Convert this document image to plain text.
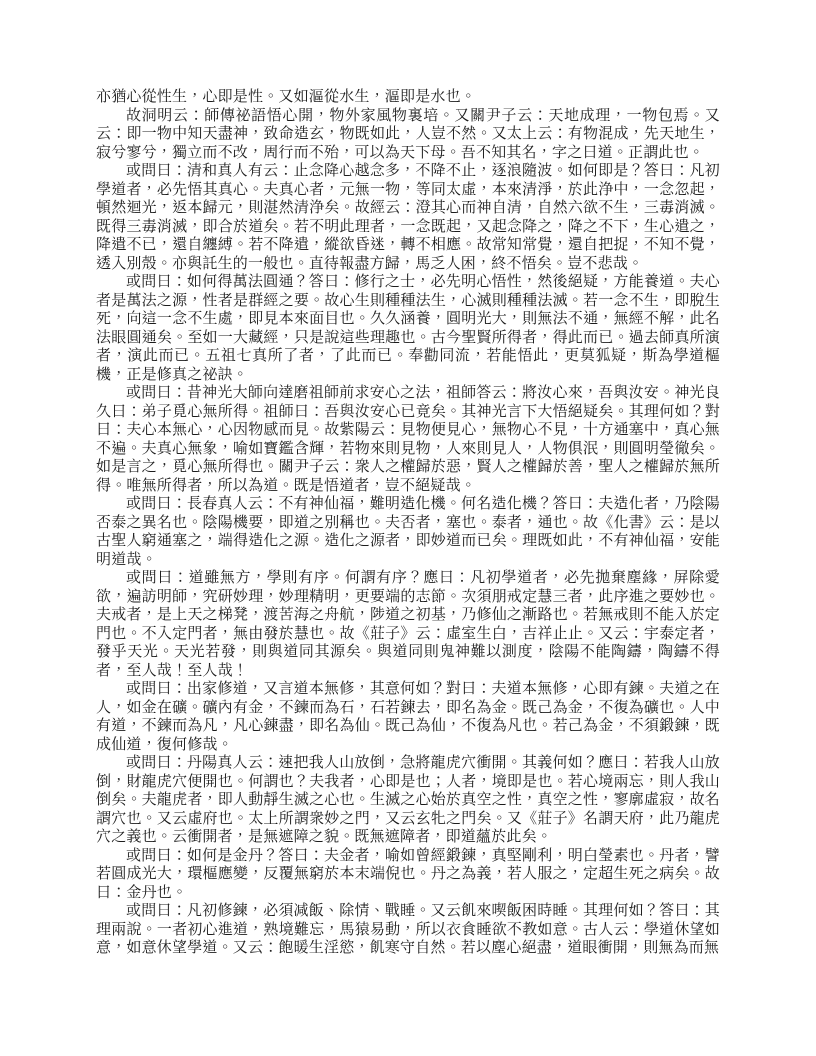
亦猶心從性生，心即是性。又如漚從水生，漚即是水也。

故洞明云：師傳祕語悟心開，物外家風物裏培。又關尹子云：天地成理，一物包焉。又云：即一物中知天盡神，致命造玄，物既如此，人豈不然。又太上云：有物混成，先天地生，寂兮寥兮，獨立而不改，周行而不殆，可以為天下母。吾不知其名，字之曰道。正謂此也。

或問曰：清和真人有云：止念降心越念多，不降不止，逐浪隨波。如何即是？答曰：凡初學道者，必先悟其真心。夫真心者，元無一物，等同太虛，本來清淨，於此浄中，一念忽起，頓然迴光，返本歸元，則湛然清浄矣。故經云：澄其心而神自清，自然六欲不生，三毒消滅。既得三毒消滅，即合於道矣。若不明此理者，一念既起，又起念降之，降之不下，生心遣之，降遣不已，還自纏縛。若不降遣，縱欲昏迷，轉不相應。故常知常覺，還自把捉，不知不覺，透入別殼。亦與託生的一般也。直待報盡方歸，馬乏人困，終不悟矣。豈不悲哉。

或問曰：如何得萬法圓通？答曰：修行之士，必先明心悟性，然後絕疑，方能養道。夫心者是萬法之源，性者是群經之要。故心生則種種法生，心滅則種種法滅。若一念不生，即脫生死，向這一念不生處，即見本來面目也。久久涵養，圓明光大，則無法不通，無經不解，此名法眼圓通矣。至如一大藏經，只是說這些理趣也。古今聖賢所得者，得此而已。過去師真所演者，演此而已。五祖七真所了者，了此而已。奉勸同流，若能悟此，更莫狐疑，斯為學道樞機，正是修真之祕訣。

或問曰：昔神光大師向達磨祖師前求安心之法，祖師答云：將汝心來，吾與汝安。神光良久曰：弟子覓心無所得。祖師曰：吾與汝安心已竟矣。其神光言下大悟絕疑矣。其理何如？對曰：夫心本無心，心因物感而見。故紫陽云：見物便見心，無物心不見，十方通塞中，真心無不遍。夫真心無象，喻如寶鑑含輝，若物來則見物，人來則見人，人物俱泯，則圓明瑩徹矣。如是言之，覓心無所得也。關尹子云：衆人之權歸於惡，賢人之權歸於善，聖人之權歸於無所得。唯無所得者，所以為道。既是悟道者，豈不絕疑哉。

或問曰：長春真人云：不有神仙福，難明造化機。何名造化機？答曰：夫造化者，乃陰陽否泰之異名也。陰陽機要，即道之別稱也。夫否者，塞也。泰者，通也。故《化書》云：是以古聖人窮通塞之，端得造化之源。造化之源者，即妙道而已矣。理既如此，不有神仙福，安能明道哉。

或問曰：道雖無方，學則有序。何謂有序？應曰：凡初學道者，必先拋棄塵緣，屏除愛欲，遍訪明師，究研妙理，妙理精明，更要端的志節。次須朋戒定慧三者，此序進之要妙也。夫戒者，是上天之梯凳，渡苦海之舟航，陟道之初基，乃修仙之漸路也。若無戒則不能入於定門也。不入定門者，無由發於慧也。故《莊子》云：虛室生白，吉祥止止。又云：宇泰定者，發乎天光。天光若發，則與道同其源矣。與道同則鬼神難以測度，陰陽不能陶鑄，陶鑄不得者，至人哉！至人哉！

或問曰：出家修道，又言道本無修，其意何如？對曰：夫道本無修，心即有鍊。夫道之在人，如金在礦。礦內有金，不鍊而為石，石若鍊去，即名為金。既己為金，不復為礦也。人中有道，不鍊而為凡，凡心鍊盡，即名為仙。既己為仙，不復為凡也。若己為金，不須鍛鍊，既成仙道，復何修哉。

或問曰：丹陽真人云：速把我人山放倒，急將龍虎穴衝開。其義何如？應曰：若我人山放倒，財龍虎穴便開也。何謂也？夫我者，心即是也；人者，境即是也。若心境兩忘，則人我山倒矣。夫龍虎者，即人動靜生滅之心也。生滅之心始於真空之性，真空之性，寥廓虛寂，故名謂穴也。又云虛府也。太上所謂衆妙之門，又云玄牝之門矣。又《莊子》名謂天府，此乃龍虎穴之義也。云衝開者，是無遮障之貌。既無遮障者，即道蘊於此矣。

或問曰：如何是金丹？答曰：夫金者，喻如曾經鍛鍊，真堅剛利，明白瑩素也。丹者，譬若圓成光大，環樞應變，反覆無窮於本末端倪也。丹之為義，若人服之，定超生死之病矣。故曰：金丹也。

或問曰：凡初修鍊，必須减飯、除情、戰睡。又云飢來喫飯困時睡。其理何如？答曰：其理兩說。一者初心進道，熟境難忘，馬猿易動，所以衣食睡欲不教如意。古人云：學道休望如意，如意休望學道。又云：飽暖生淫慾，飢寒守自然。若以塵心絕盡，道眼衝開，則無為而無
